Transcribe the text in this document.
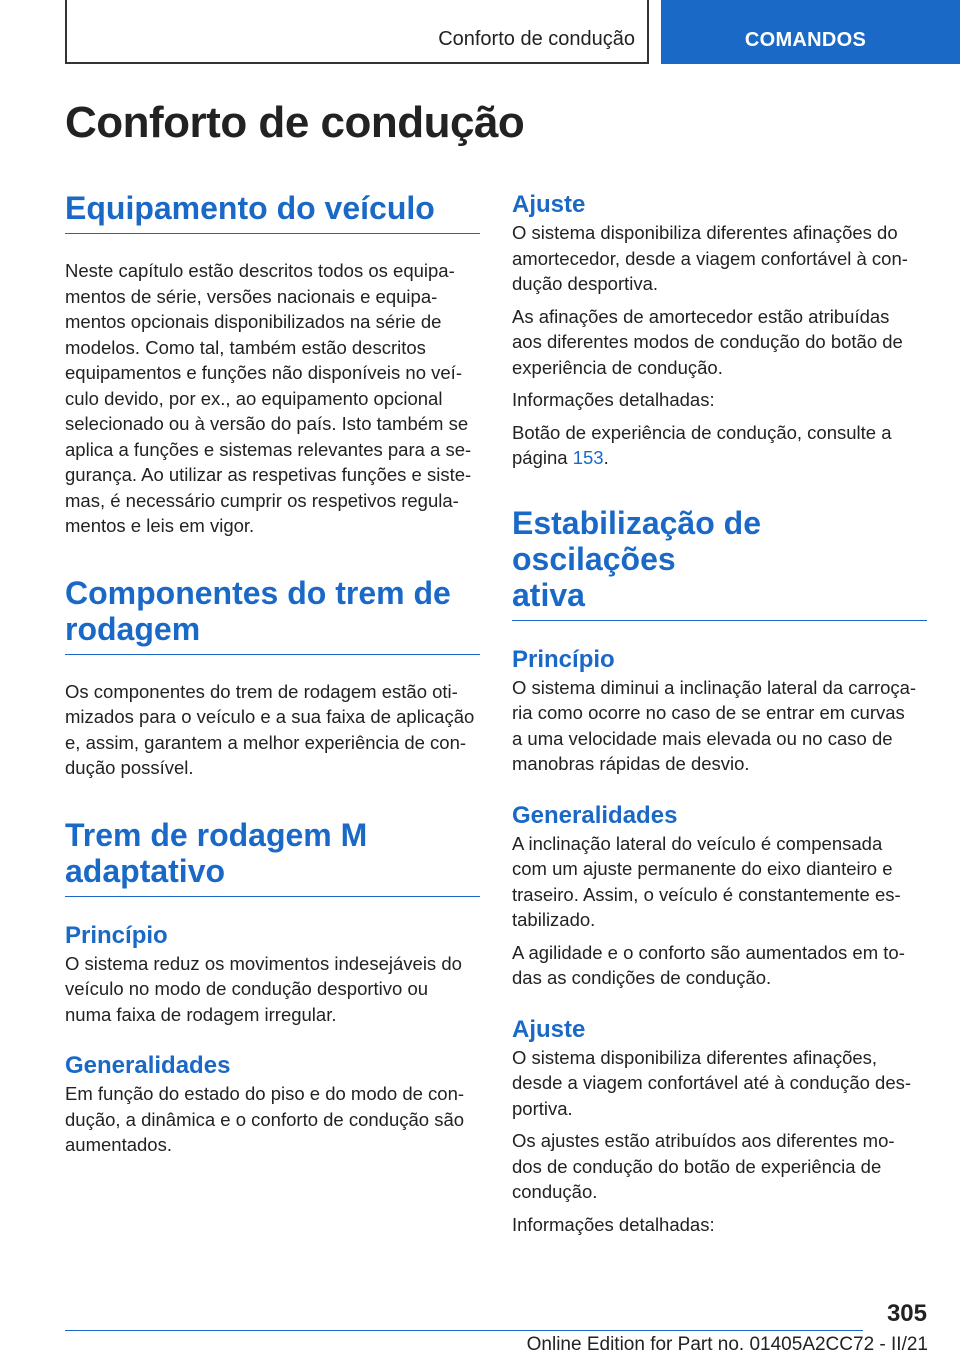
Conforto de condução	COMANDOS
Conforto de condução
Equipamento do veículo

Neste capítulo estão descritos todos os equipa-
mentos de série, versões nacionais e equipa-
mentos opcionais disponibilizados na série de
modelos. Como tal, também estão descritos
equipamentos e funções não disponíveis no veí-
culo devido, por ex., ao equipamento opcional
selecionado ou à versão do país. Isto também se
aplica a funções e sistemas relevantes para a se-
gurança. Ao utilizar as respetivas funções e siste-
mas, é necessário cumprir os respetivos regula-
mentos e leis em vigor.

Componentes do trem de
rodagem

Os componentes do trem de rodagem estão oti-
mizados para o veículo e a sua faixa de aplicação
e, assim, garantem a melhor experiência de con-
dução possível.

Trem de rodagem M
adaptativo
Princípio

O sistema reduz os movimentos indesejáveis do
veículo no modo de condução desportivo ou
numa faixa de rodagem irregular.

Generalidades

Em função do estado do piso e do modo de con-
dução, a dinâmica e o conforto de condução são
aumentados.

Ajuste

O sistema disponibiliza diferentes afinações do
amortecedor, desde a viagem confortável à con-
dução desportiva.

As afinações de amortecedor estão atribuídas
aos diferentes modos de condução do botão de
experiência de condução.

Informações detalhadas:

Botão de experiência de condução, consulte a
página 153.

Estabilização de oscilações
ativa
Princípio

O sistema diminui a inclinação lateral da carroça-
ria como ocorre no caso de se entrar em curvas
a uma velocidade mais elevada ou no caso de
manobras rápidas de desvio.

Generalidades

A inclinação lateral do veículo é compensada
com um ajuste permanente do eixo dianteiro e
traseiro. Assim, o veículo é constantemente es-
tabilizado.

A agilidade e o conforto são aumentados em to-
das as condições de condução.

Ajuste

O sistema disponibiliza diferentes afinações,
desde a viagem confortável até à condução des-
portiva.

Os ajustes estão atribuídos aos diferentes mo-
dos de condução do botão de experiência de
condução.

Informações detalhadas:

305
Online Edition for Part no. 01405A2CC72 - II/21
